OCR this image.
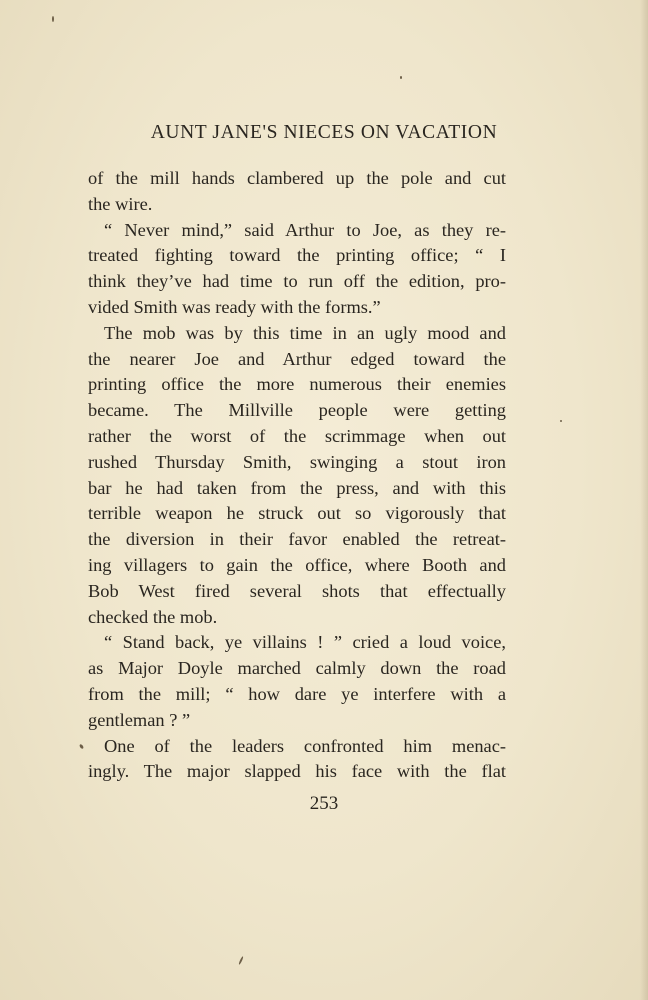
AUNT JANE'S NIECES ON VACATION
of the mill hands clambered up the pole and cut
the wire.
“ Never mind,” said Arthur to Joe, as they re-
treated fighting toward the printing office; “ I
think they’ve had time to run off the edition, pro-
vided Smith was ready with the forms.”
The mob was by this time in an ugly mood and
the nearer Joe and Arthur edged toward the
printing office the more numerous their enemies
became. The Millville people were getting
rather the worst of the scrimmage when out
rushed Thursday Smith, swinging a stout iron
bar he had taken from the press, and with this
terrible weapon he struck out so vigorously that
the diversion in their favor enabled the retreat-
ing villagers to gain the office, where Booth and
Bob West fired several shots that effectually
checked the mob.
“ Stand back, ye villains ! ” cried a loud voice,
as Major Doyle marched calmly down the road
from the mill; “ how dare ye interfere with a
gentleman ? ”
One of the leaders confronted him menac-
ingly. The major slapped his face with the flat
253
